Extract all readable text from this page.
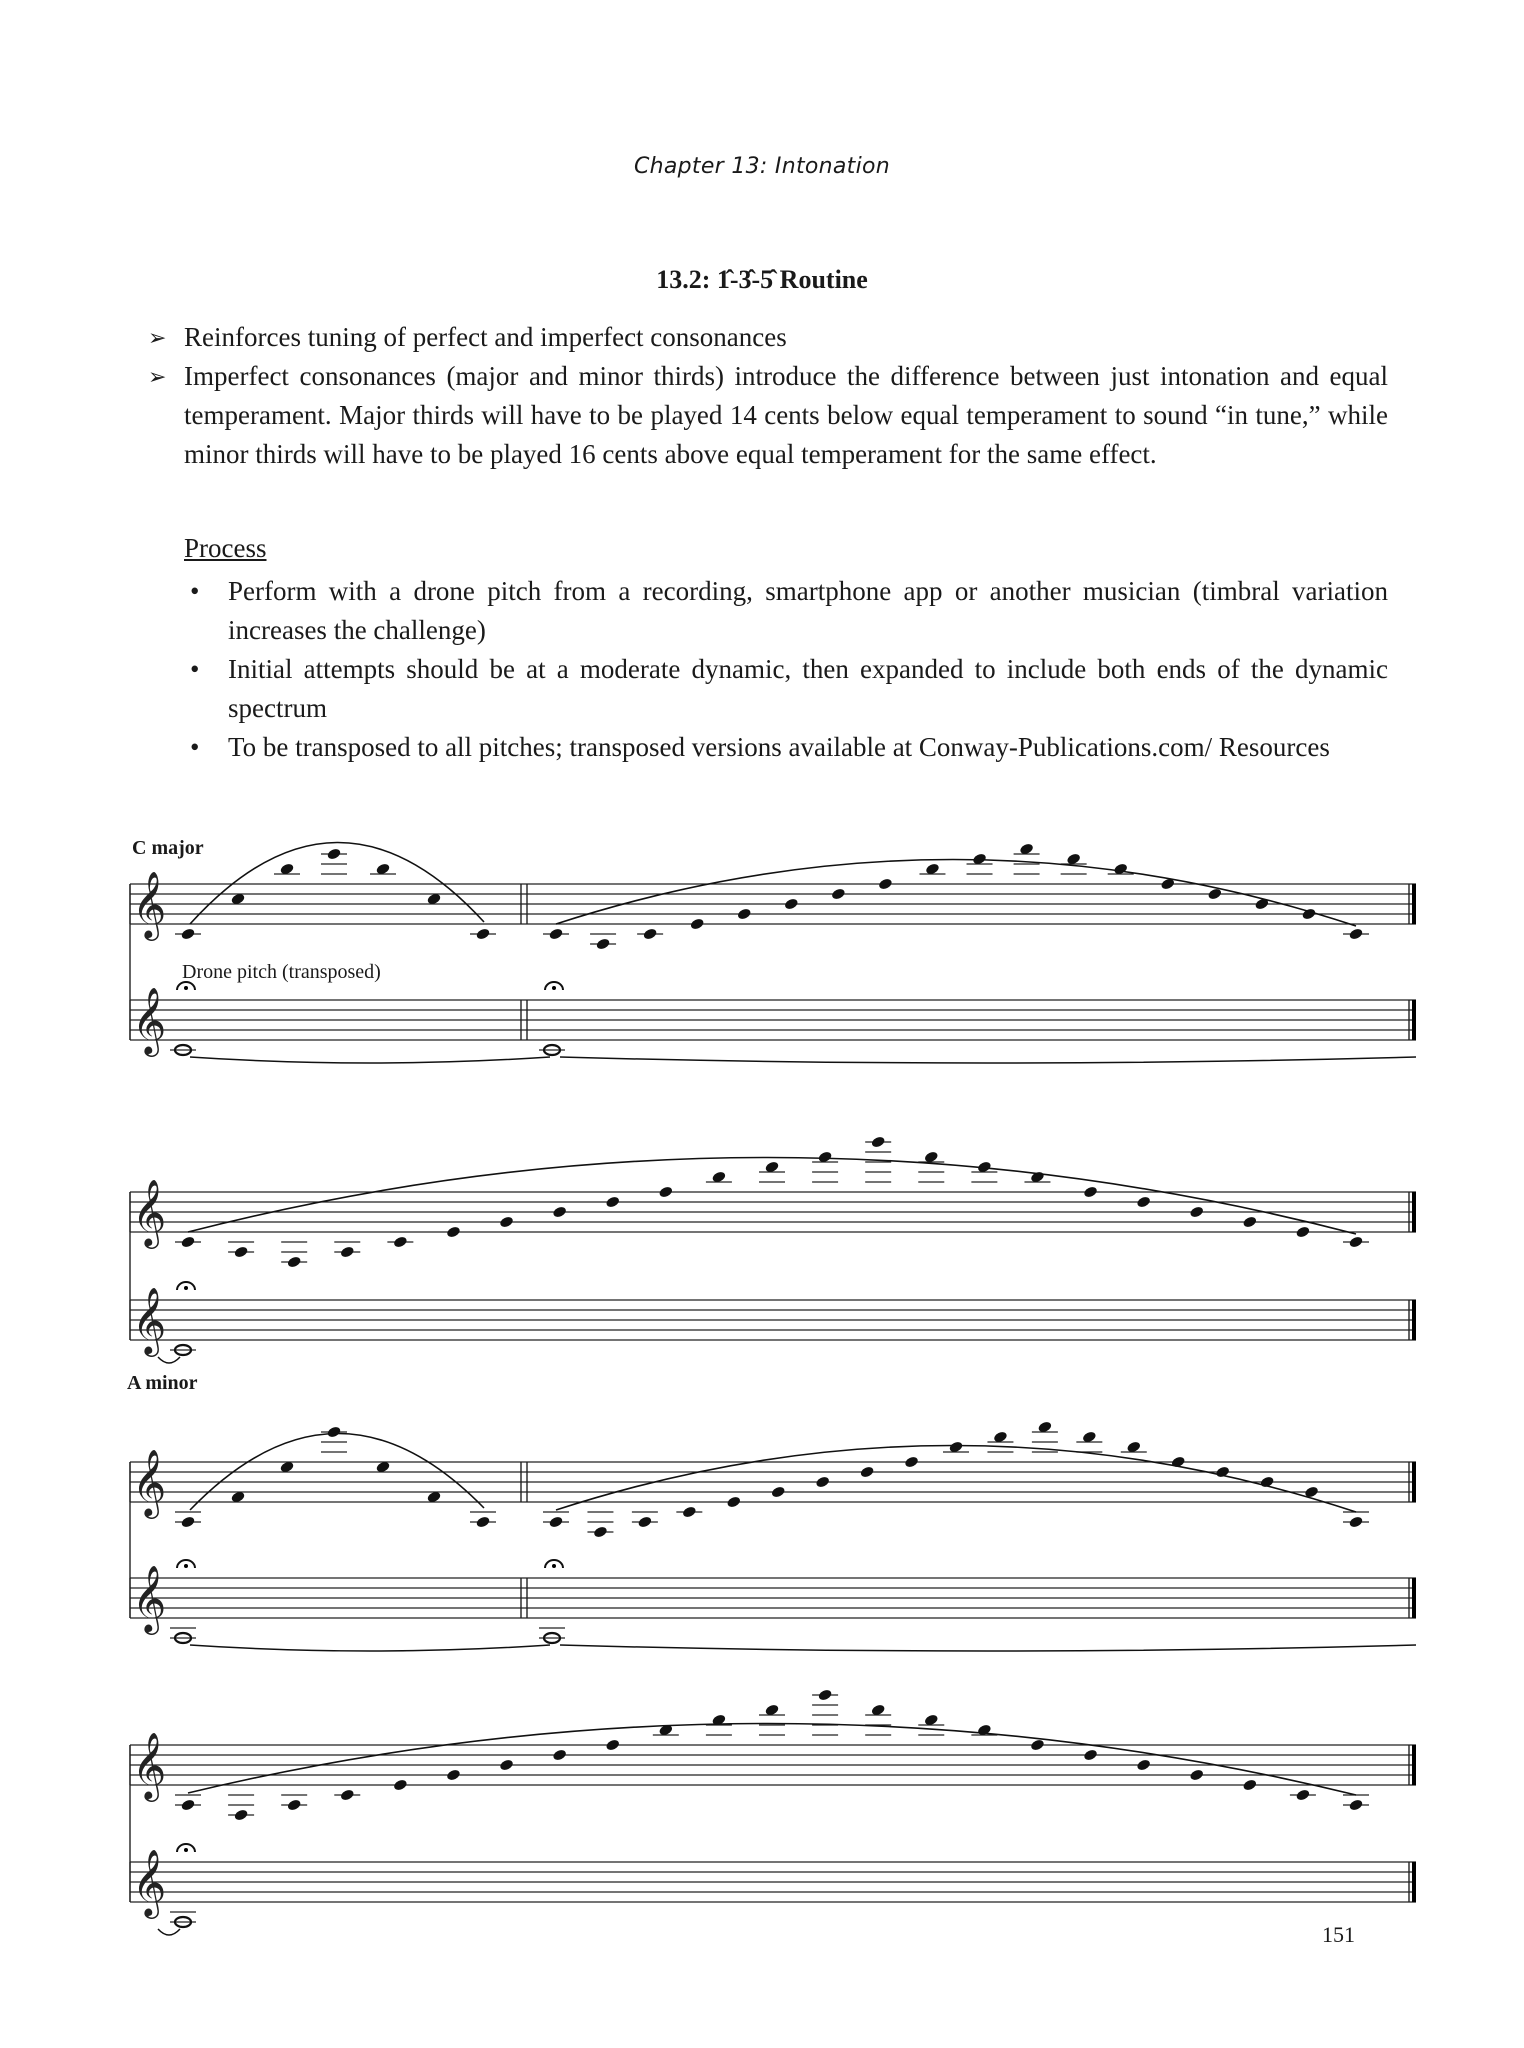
Chapter 13: Intonation
13.2: 1̂-3̂-5̂ Routine

➢ Reinforces tuning of perfect and imperfect consonances

➢ Imperfect consonances (major and minor thirds) introduce the difference between just intonation and equal temperament. Major thirds will have to be played 14 cents below equal temperament to sound “in tune,” while minor thirds will have to be played 16 cents above equal temperament for the same effect.

Process

• Perform with a drone pitch from a recording, smartphone app or another musician (timbral variation increases the challenge)

• Initial attempts should be at a moderate dynamic, then expanded to include both ends of the dynamic spectrum

• To be transposed to all pitches; transposed versions available at Conway-Publications.com/ Resources

C major
Drone pitch (transposed)
A minor
𝄞
𝄞
𝄞
𝄞
𝄞
𝄞
𝄞
𝄞
151
